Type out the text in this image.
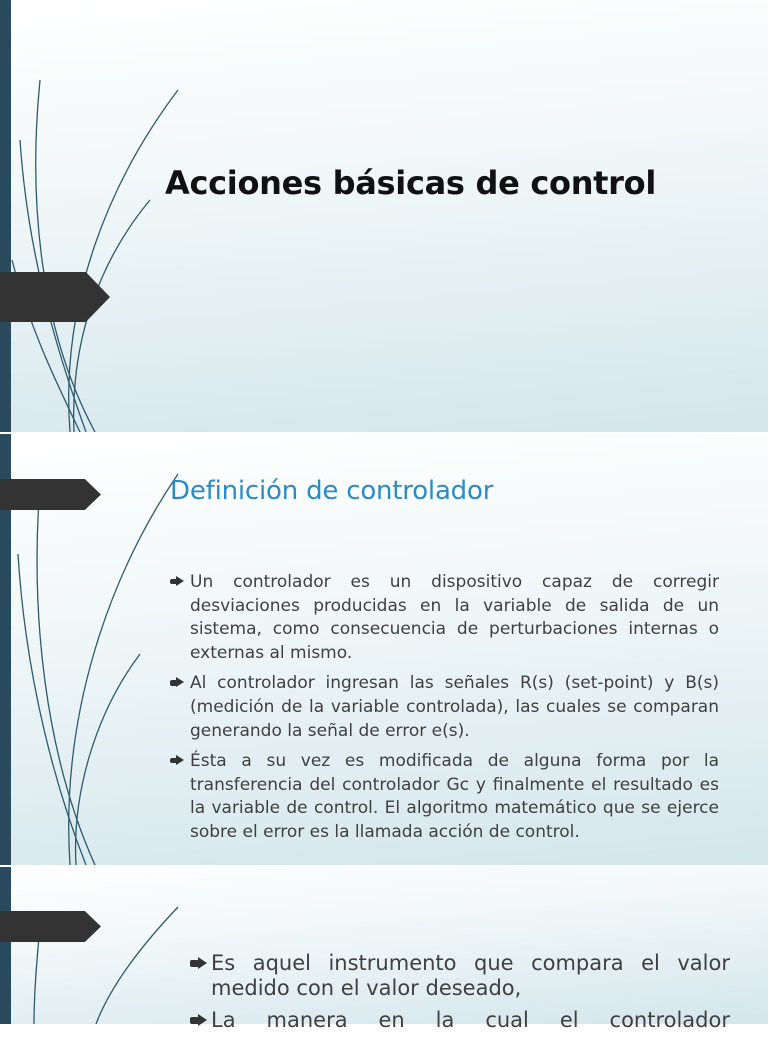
Acciones básicas de control
Definición de controlador
Un controlador es un dispositivo capaz de corregir desviaciones producidas en la variable de salida de un sistema, como consecuencia de perturbaciones internas o externas al mismo.
Al controlador ingresan las señales R(s) (set-point) y B(s) (medición de la variable controlada), las cuales se comparan generando la señal de error e(s).
Ésta a su vez es modificada de alguna forma por la transferencia del controlador Gc y finalmente el resultado es la variable de control. El algoritmo matemático que se ejerce sobre el error es la llamada acción de control.
Es aquel instrumento que compara el valor medido con el valor deseado,
La manera en la cual el controlador
